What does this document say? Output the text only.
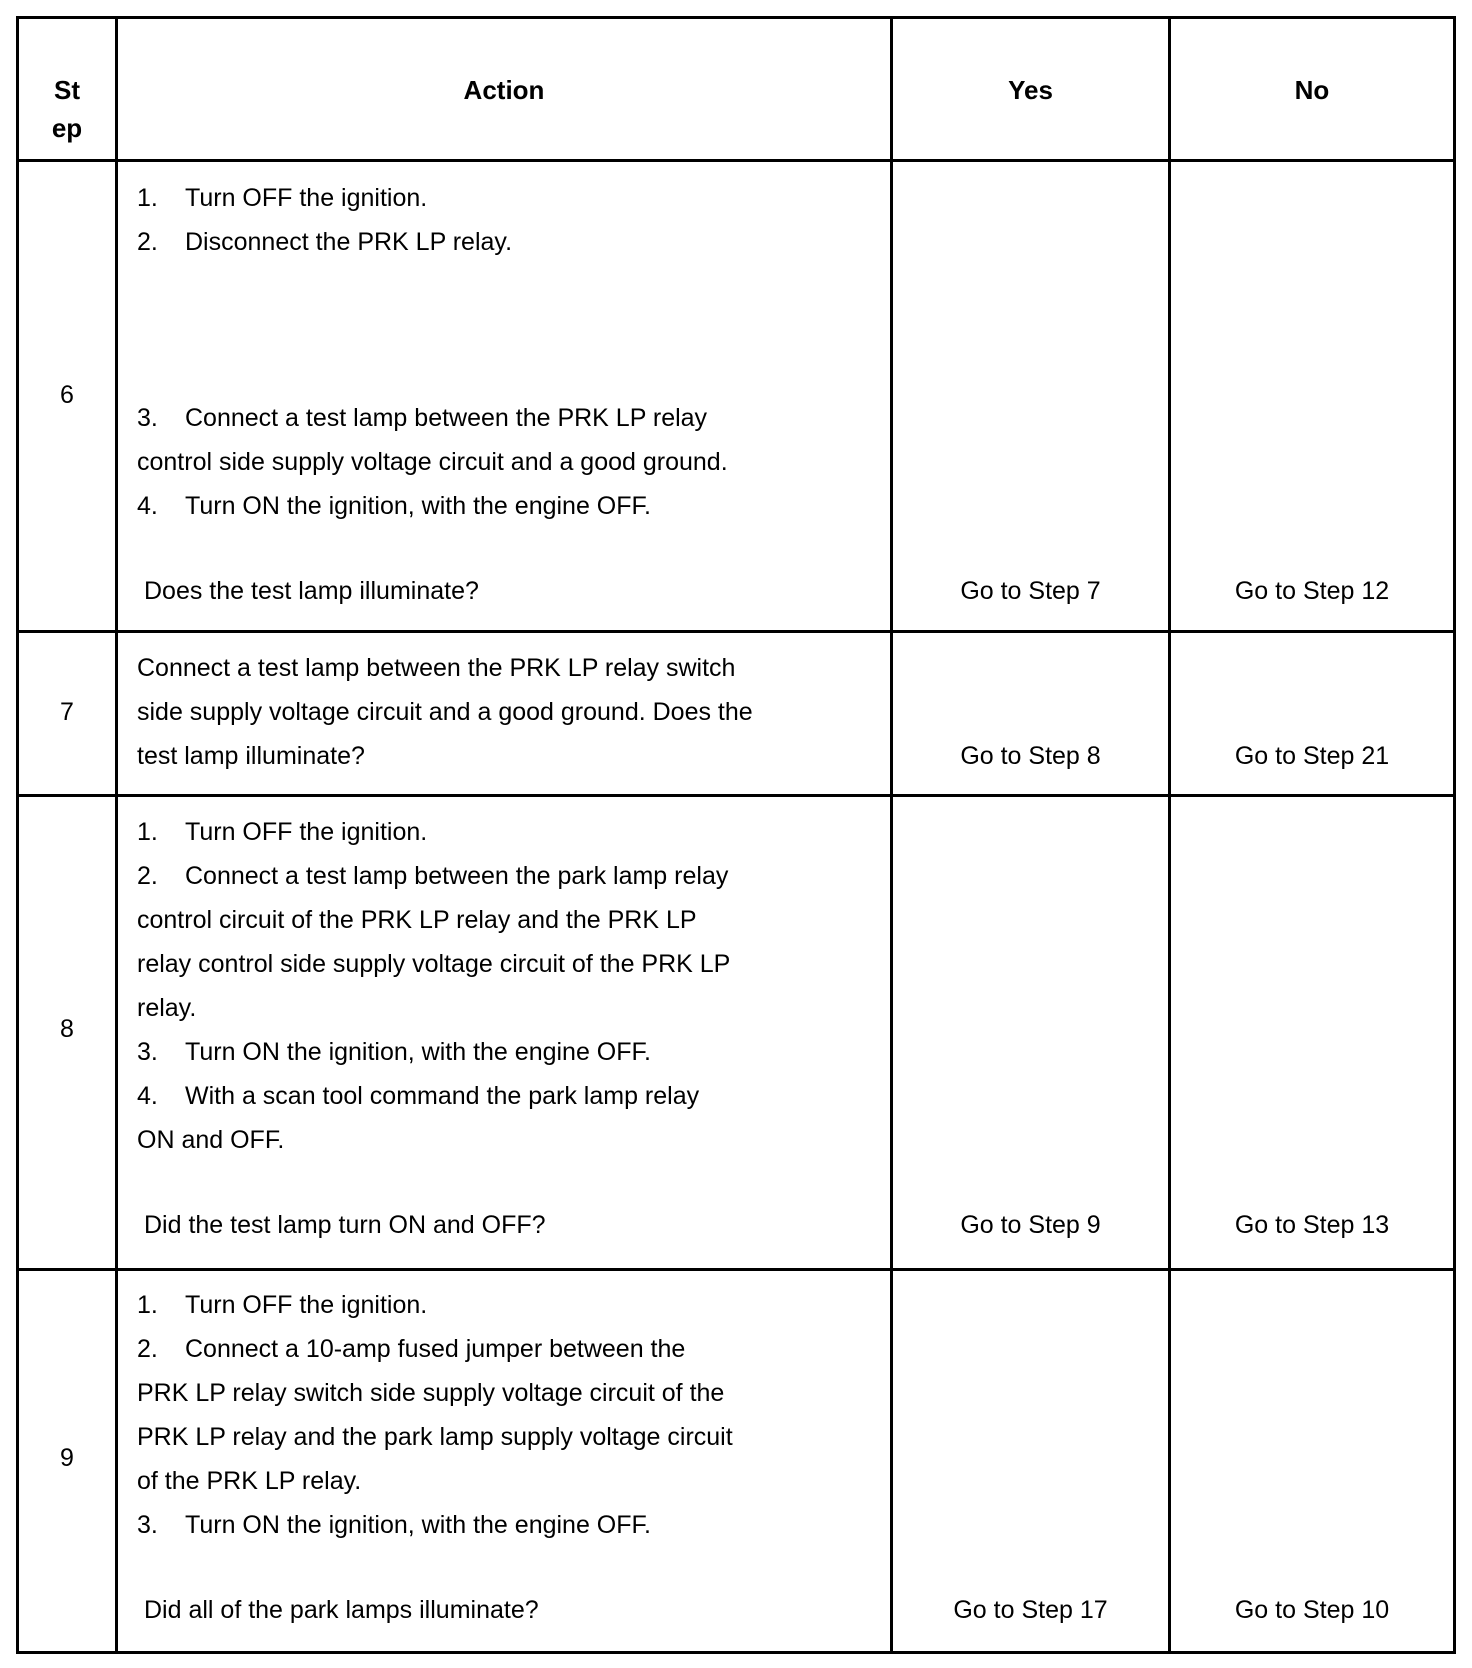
St
ep
Action	Yes	No
6
1. Turn OFF the ignition.
2. Disconnect the PRK LP relay.
3. Connect a test lamp between the PRK LP relay
control side supply voltage circuit and a good ground.
4. Turn ON the ignition, with the engine OFF.
Does the test lamp illuminate?	Go to Step 7	Go to Step 12
7
Connect a test lamp between the PRK LP relay switch
side supply voltage circuit and a good ground. Does the
test lamp illuminate?	Go to Step 8	Go to Step 21
8
1. Turn OFF the ignition.
2. Connect a test lamp between the park lamp relay
control circuit of the PRK LP relay and the PRK LP
relay control side supply voltage circuit of the PRK LP
relay.
3. Turn ON the ignition, with the engine OFF.
4. With a scan tool command the park lamp relay
ON and OFF.
Did the test lamp turn ON and OFF?	Go to Step 9	Go to Step 13
9
1. Turn OFF the ignition.
2. Connect a 10-amp fused jumper between the
PRK LP relay switch side supply voltage circuit of the
PRK LP relay and the park lamp supply voltage circuit
of the PRK LP relay.
3. Turn ON the ignition, with the engine OFF.
Did all of the park lamps illuminate?	Go to Step 17	Go to Step 10
